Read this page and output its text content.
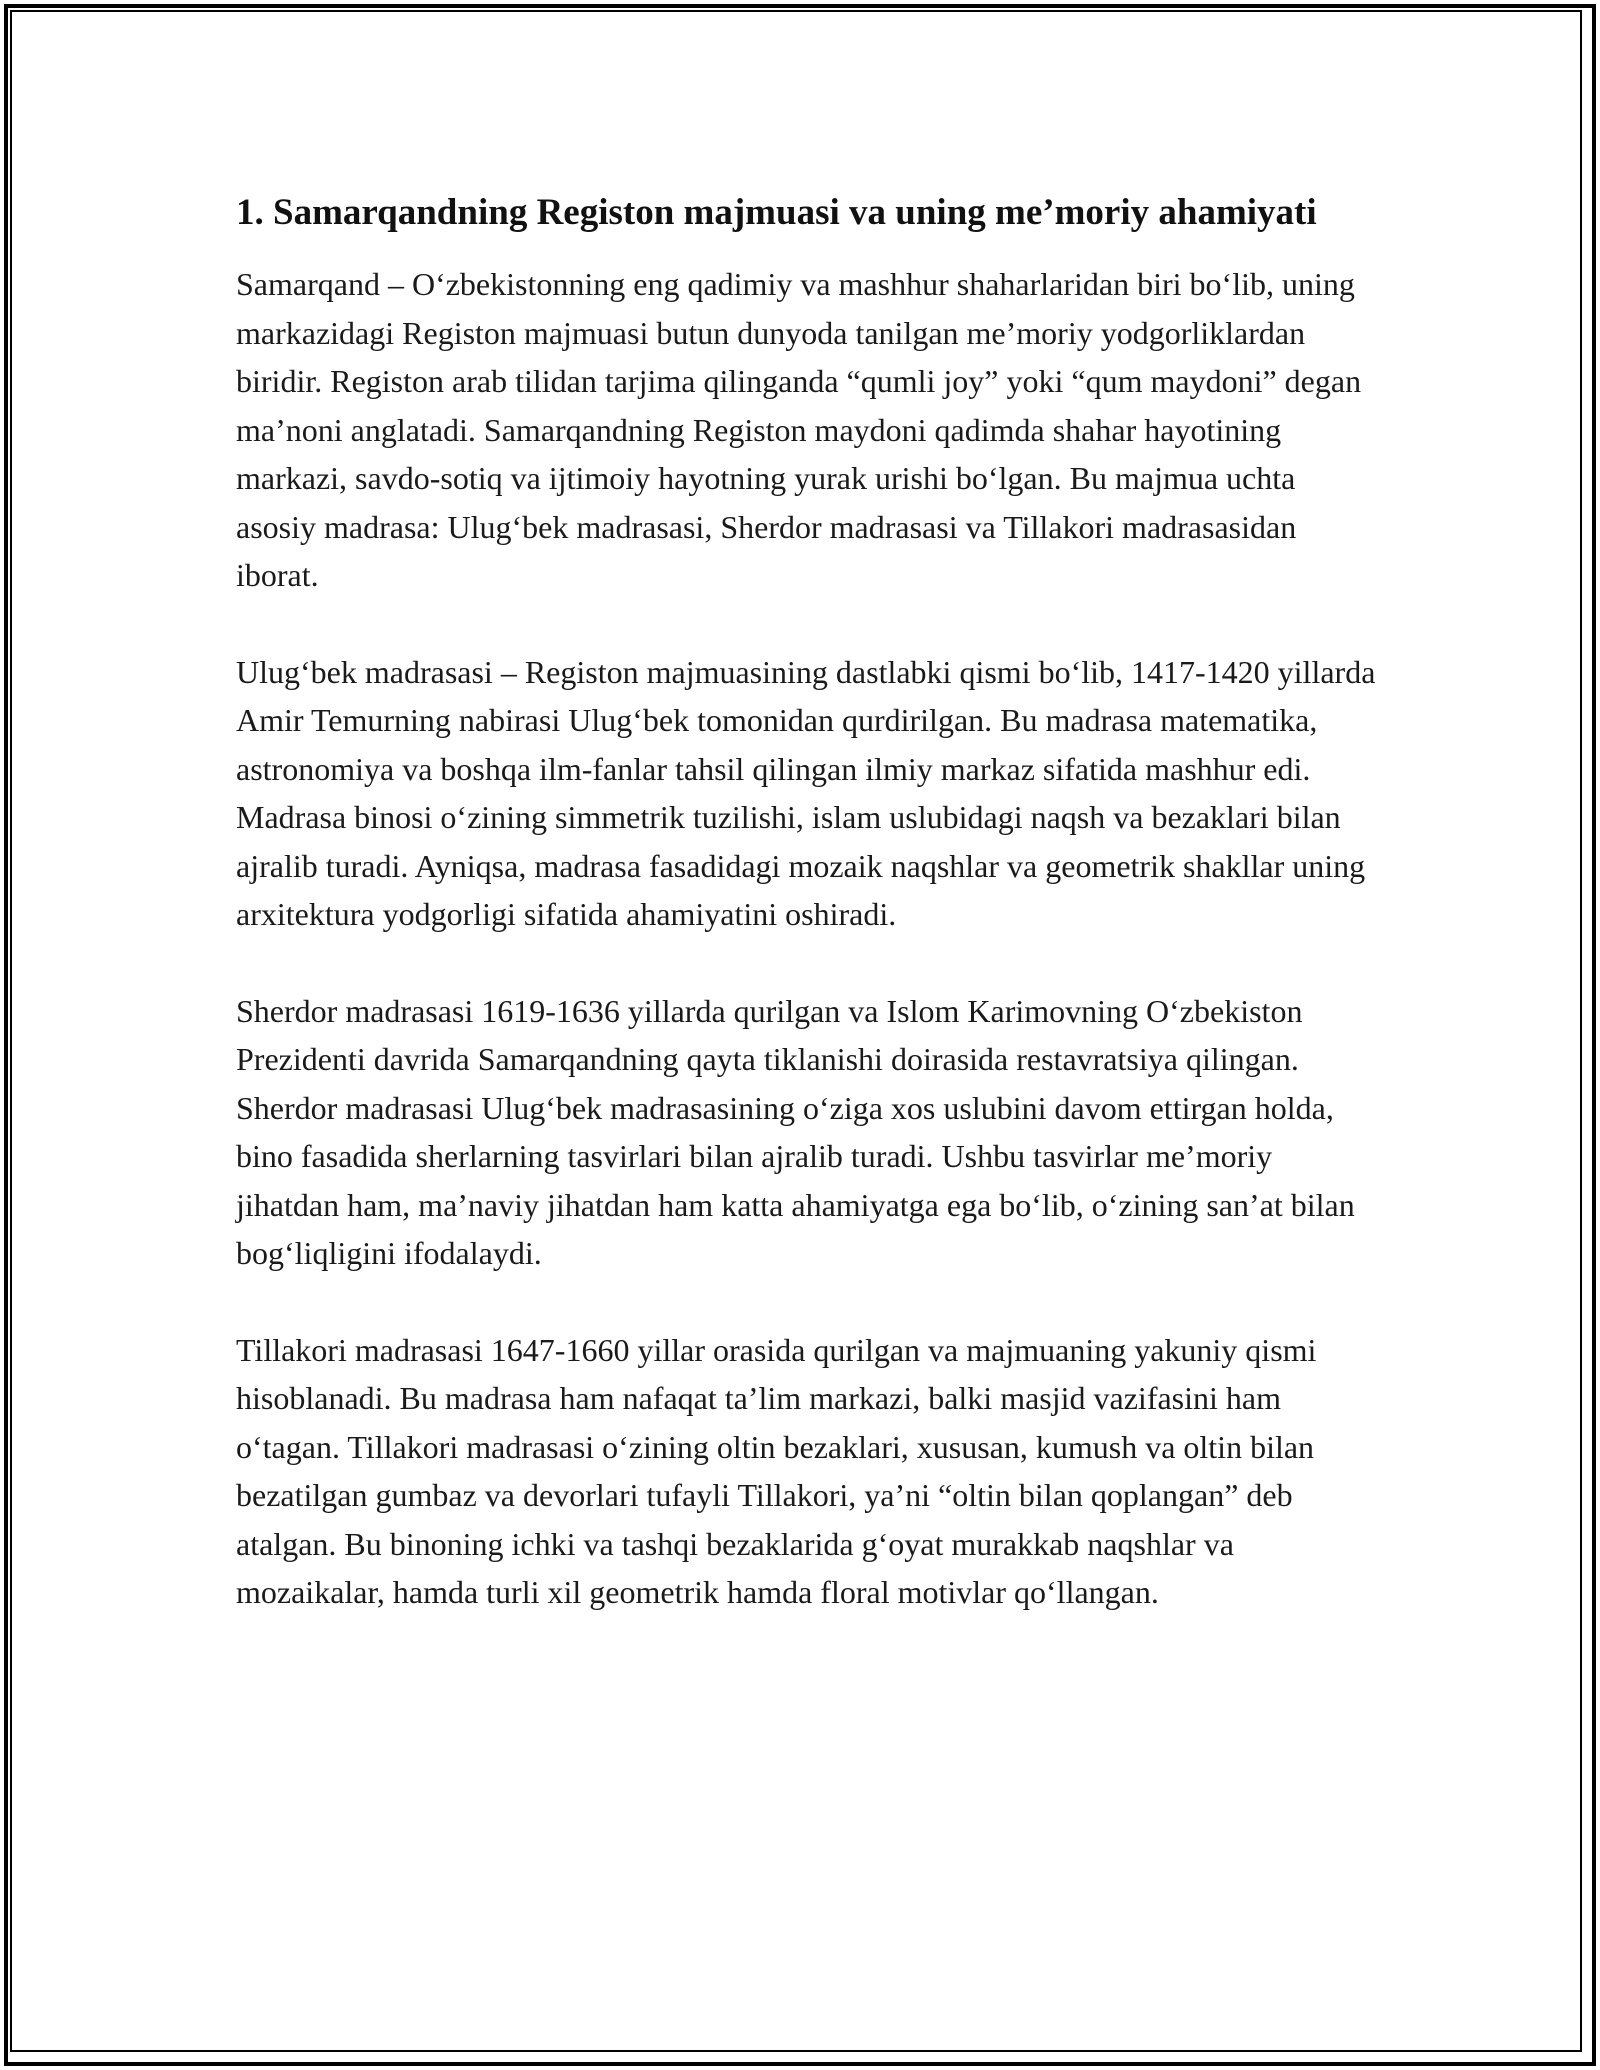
1. Samarqandning Registon majmuasi va uning me’moriy ahamiyati

Samarqand – O‘zbekistonning eng qadimiy va mashhur shaharlaridan biri bo‘lib, uning markazidagi Registon majmuasi butun dunyoda tanilgan me’moriy yodgorliklardan biridir. Registon arab tilidan tarjima qilinganda “qumli joy” yoki “qum maydoni” degan ma’noni anglatadi. Samarqandning Registon maydoni qadimda shahar hayotining markazi, savdo-sotiq va ijtimoiy hayotning yurak urishi bo‘lgan. Bu majmua uchta asosiy madrasa: Ulug‘bek madrasasi, Sherdor madrasasi va Tillakori madrasasidan iborat.

Ulug‘bek madrasasi – Registon majmuasining dastlabki qismi bo‘lib, 1417-1420 yillarda Amir Temurning nabirasi Ulug‘bek tomonidan qurdirilgan. Bu madrasa matematika, astronomiya va boshqa ilm-fanlar tahsil qilingan ilmiy markaz sifatida mashhur edi. Madrasa binosi o‘zining simmetrik tuzilishi, islam uslubidagi naqsh va bezaklari bilan ajralib turadi. Ayniqsa, madrasa fasadidagi mozaik naqshlar va geometrik shakllar uning arxitektura yodgorligi sifatida ahamiyatini oshiradi.

Sherdor madrasasi 1619-1636 yillarda qurilgan va Islom Karimovning O‘zbekiston Prezidenti davrida Samarqandning qayta tiklanishi doirasida restavratsiya qilingan. Sherdor madrasasi Ulug‘bek madrasasining o‘ziga xos uslubini davom ettirgan holda, bino fasadida sherlarning tasvirlari bilan ajralib turadi. Ushbu tasvirlar me’moriy jihatdan ham, ma’naviy jihatdan ham katta ahamiyatga ega bo‘lib, o‘zining san’at bilan bog‘liqligini ifodalaydi.

Tillakori madrasasi 1647-1660 yillar orasida qurilgan va majmuaning yakuniy qismi hisoblanadi. Bu madrasa ham nafaqat ta’lim markazi, balki masjid vazifasini ham o‘tagan. Tillakori madrasasi o‘zining oltin bezaklari, xususan, kumush va oltin bilan bezatilgan gumbaz va devorlari tufayli Tillakori, ya’ni “oltin bilan qoplangan” deb atalgan. Bu binoning ichki va tashqi bezaklarida g‘oyat murakkab naqshlar va mozaikalar, hamda turli xil geometrik hamda floral motivlar qo‘llangan.
